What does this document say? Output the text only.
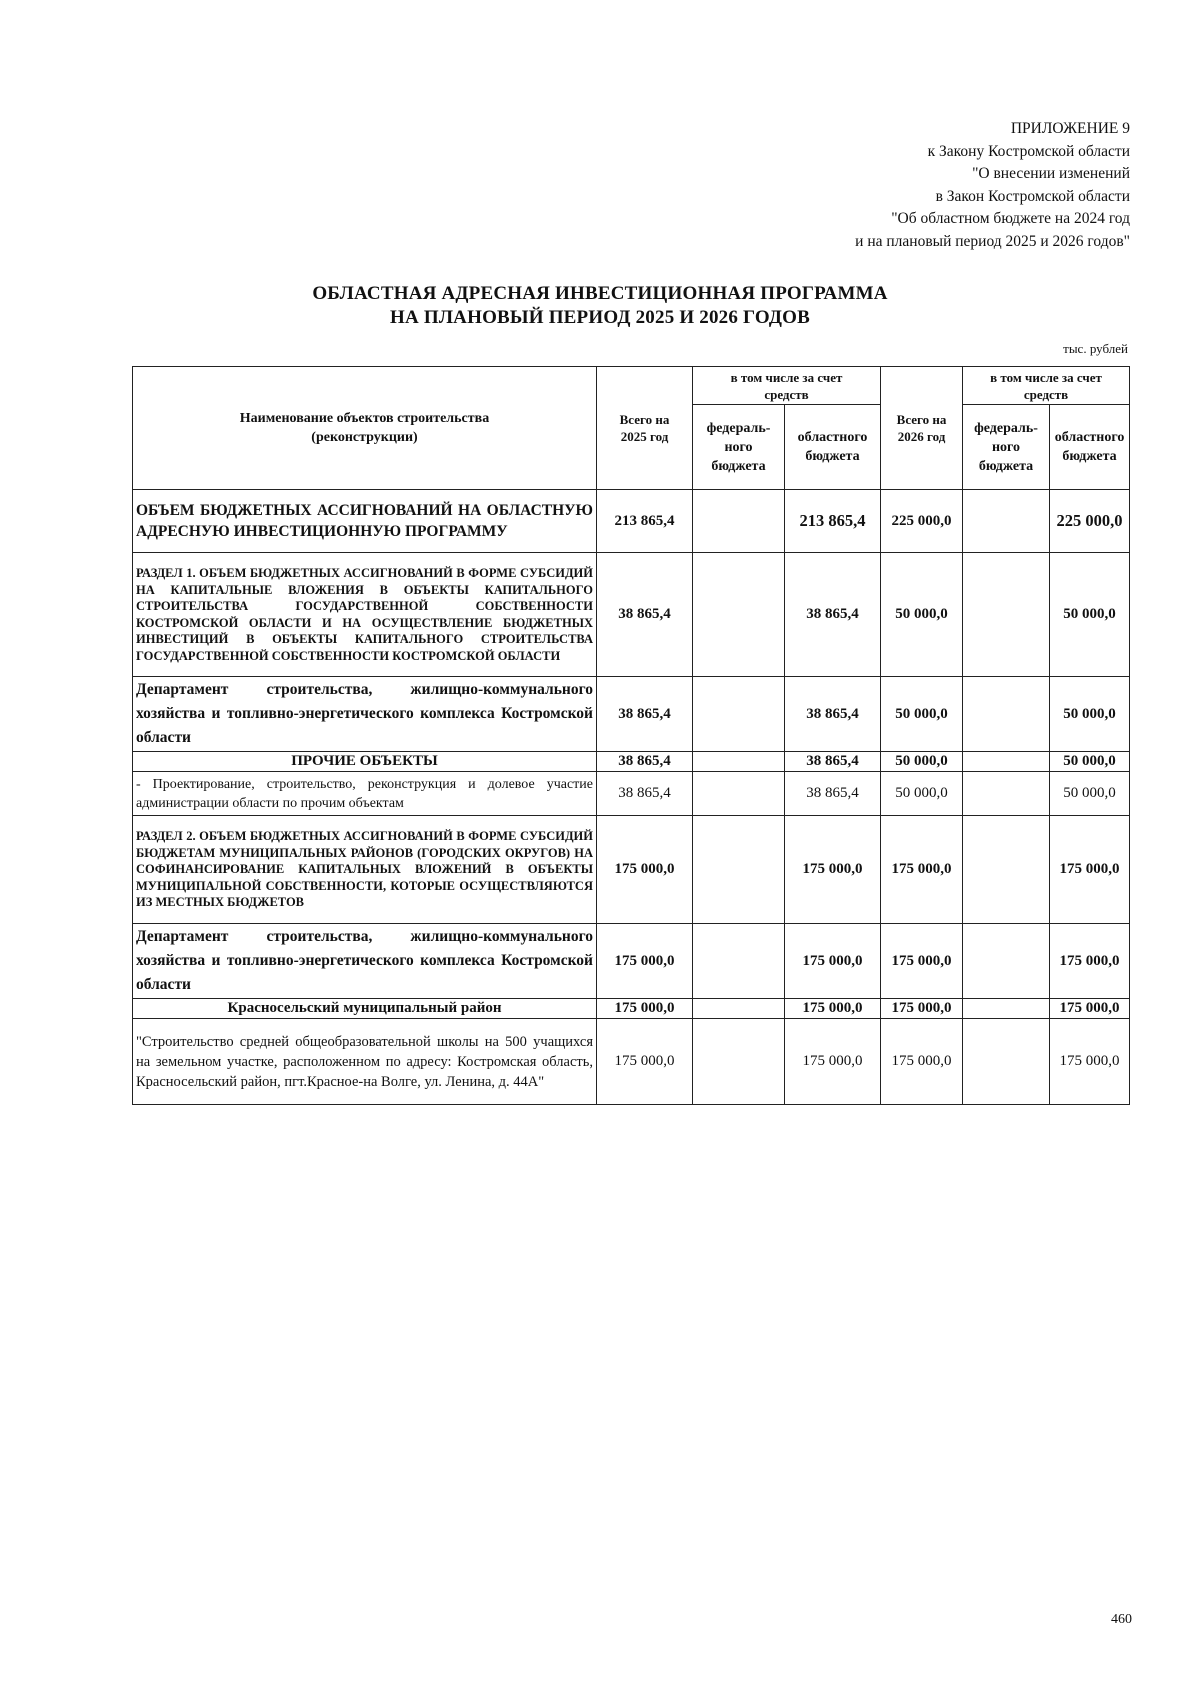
ПРИЛОЖЕНИЕ 9
к Закону Костромской области
"О внесении изменений
в Закон Костромской области
"Об областном бюджете на 2024 год
и на плановый период 2025 и 2026 годов"
ОБЛАСТНАЯ АДРЕСНАЯ ИНВЕСТИЦИОННАЯ ПРОГРАММА
НА ПЛАНОВЫЙ ПЕРИОД 2025 И 2026 ГОДОВ
тыс. рублей
Наименование объектов строительства (реконструкции)	Всего на 2025 год	в том числе за счет средств		Всего на 2026 год	в том числе за счет средств	
		федераль-ного бюджета	областного бюджета		федераль-ного бюджета	областного бюджета
ОБЪЕМ БЮДЖЕТНЫХ АССИГНОВАНИЙ НА ОБЛАСТНУЮ АДРЕСНУЮ ИНВЕСТИЦИОННУЮ ПРОГРАММУ	213 865,4		213 865,4	225 000,0		225 000,0
РАЗДЕЛ 1. ОБЪЕМ БЮДЖЕТНЫХ АССИГНОВАНИЙ В ФОРМЕ СУБСИДИЙ НА КАПИТАЛЬНЫЕ ВЛОЖЕНИЯ В ОБЪЕКТЫ КАПИТАЛЬНОГО СТРОИТЕЛЬСТВА ГОСУДАРСТВЕННОЙ СОБСТВЕННОСТИ КОСТРОМСКОЙ ОБЛАСТИ И НА ОСУЩЕСТВЛЕНИЕ БЮДЖЕТНЫХ ИНВЕСТИЦИЙ В ОБЪЕКТЫ КАПИТАЛЬНОГО СТРОИТЕЛЬСТВА ГОСУДАРСТВЕННОЙ СОБСТВЕННОСТИ КОСТРОМСКОЙ ОБЛАСТИ	38 865,4		38 865,4	50 000,0		50 000,0
Департамент строительства, жилищно-коммунального хозяйства и топливно-энергетического комплекса Костромской области	38 865,4		38 865,4	50 000,0		50 000,0
ПРОЧИЕ ОБЪЕКТЫ	38 865,4		38 865,4	50 000,0		50 000,0
- Проектирование, строительство, реконструкция и долевое участие администрации области по прочим объектам	38 865,4		38 865,4	50 000,0		50 000,0
РАЗДЕЛ 2. ОБЪЕМ БЮДЖЕТНЫХ АССИГНОВАНИЙ В ФОРМЕ СУБСИДИЙ БЮДЖЕТАМ МУНИЦИПАЛЬНЫХ РАЙОНОВ (ГОРОДСКИХ ОКРУГОВ) НА СОФИНАНСИРОВАНИЕ КАПИТАЛЬНЫХ ВЛОЖЕНИЙ В ОБЪЕКТЫ МУНИЦИПАЛЬНОЙ СОБСТВЕННОСТИ, КОТОРЫЕ ОСУЩЕСТВЛЯЮТСЯ ИЗ МЕСТНЫХ БЮДЖЕТОВ	175 000,0		175 000,0	175 000,0		175 000,0
Департамент строительства, жилищно-коммунального хозяйства и топливно-энергетического комплекса Костромской области	175 000,0		175 000,0	175 000,0		175 000,0
Красносельский муниципальный район	175 000,0		175 000,0	175 000,0		175 000,0
"Строительство средней общеобразовательной школы на 500 учащихся на земельном участке, расположенном по адресу: Костромская область, Красносельский район, пгт.Красное-на Волге, ул. Ленина, д. 44А"	175 000,0		175 000,0	175 000,0		175 000,0
460
